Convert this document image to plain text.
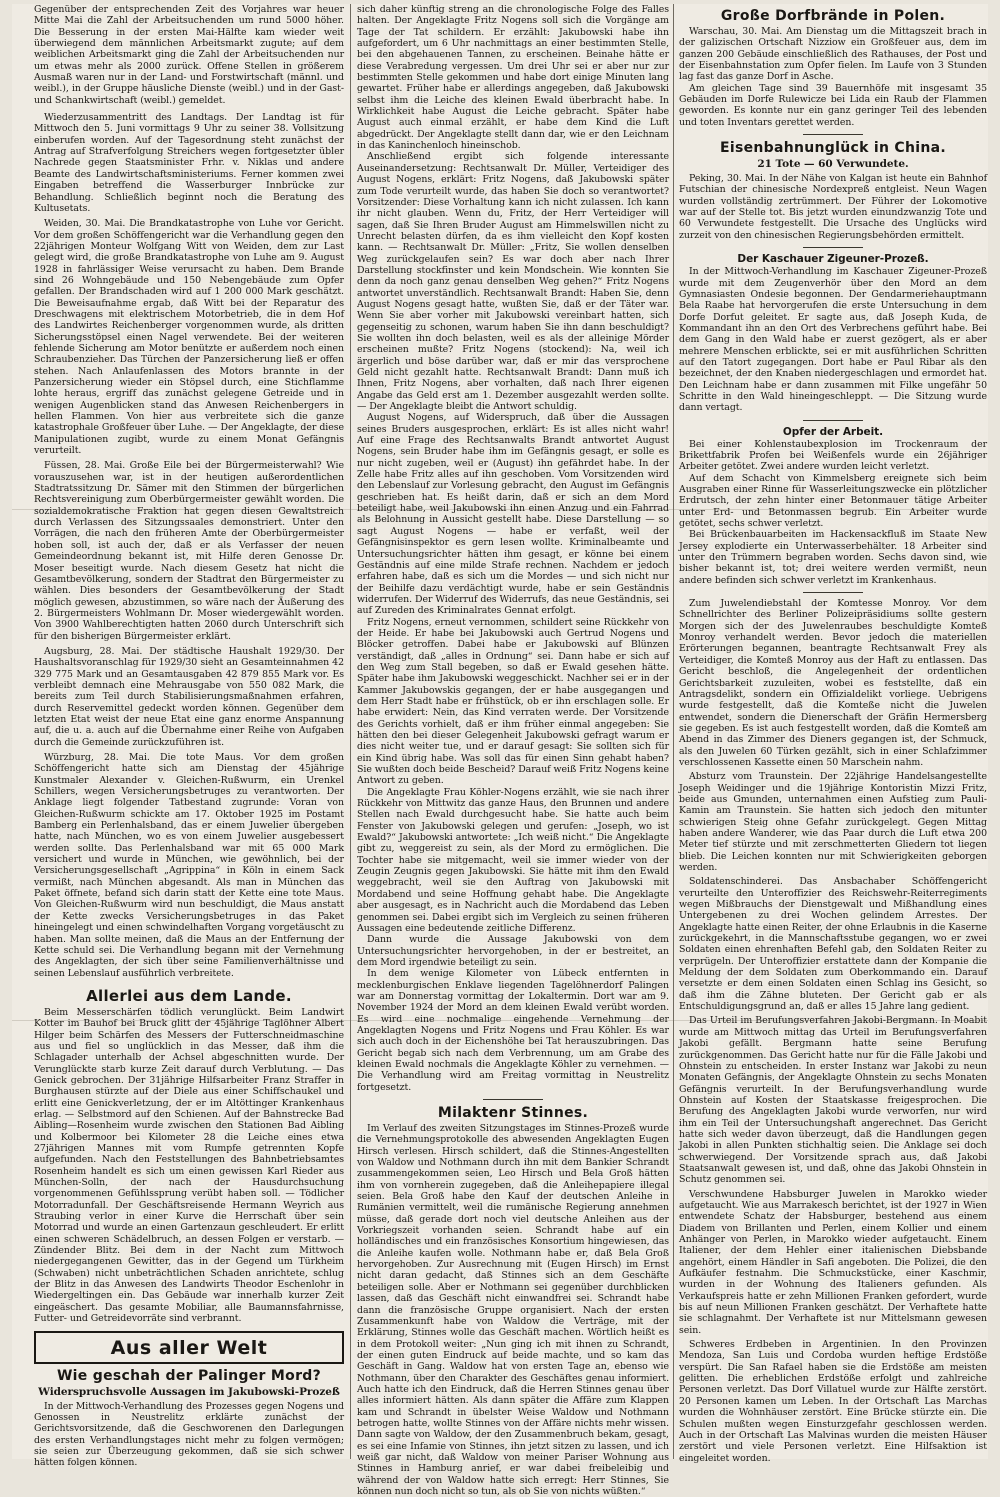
Gegenüber der entsprechenden Zeit des Vorjahres war heuer Mitte Mai die Zahl der Arbeitsuchenden um rund 5000 höher. Die Besserung in der ersten Mai-Hälfte kam wieder weit überwiegend dem männlichen Arbeitsmarkt zugute; auf dem weiblichen Arbeitsmarkt ging die Zahl der Arbeitsuchenden nur um etwas mehr als 2000 zurück. Offene Stellen in größerem Ausmaß waren nur in der Land- und Forstwirtschaft (männl. und weibl.), in der Gruppe häusliche Dienste (weibl.) und in der Gast- und Schankwirtschaft (weibl.) gemeldet.

Wiederzusammentritt des Landtags. Der Landtag ist für Mittwoch den 5. Juni vormittags 9 Uhr zu seiner 38. Vollsitzung einberufen worden. Auf der Tagesordnung steht zunächst der Antrag auf Strafverfolgung Streichers wegen fortgesetzter übler Nachrede gegen Staatsminister Frhr. v. Niklas und andere Beamte des Landwirtschaftsministeriums. Ferner kommen zwei Eingaben betreffend die Wasserburger Innbrücke zur Behandlung. Schließlich beginnt noch die Beratung des Kultusetats.

Weiden, 30. Mai. Die Brandkatastrophe von Luhe vor Gericht. Vor dem großen Schöffengericht war die Verhandlung gegen den 22jährigen Monteur Wolfgang Witt von Weiden, dem zur Last gelegt wird, die große Brandkatastrophe von Luhe am 9. August 1928 in fahrlässiger Weise verursacht zu haben. Dem Brande sind 26 Wohngebäude und 150 Nebengebäude zum Opfer gefallen. Der Brandschaden wird auf 1 200 000 Mark geschätzt. Die Beweisaufnahme ergab, daß Witt bei der Reparatur des Dreschwagens mit elektrischem Motorbetrieb, die in dem Hof des Landwirtes Reichenberger vorgenommen wurde, als dritten Sicherungsstöpsel einen Nagel verwendete. Bei der weiteren fehlende Sicherung am Motor benützte er außerdem noch einen Schraubenzieher. Das Türchen der Panzersicherung ließ er offen stehen. Nach Anlaufenlassen des Motors brannte in der Panzersicherung wieder ein Stöpsel durch, eine Stichflamme lohte heraus, ergriff das zunächst gelegene Getreide und in wenigen Augenblicken stand das Anwesen Reichenbergers in hellen Flammen. Von hier aus verbreitete sich die ganze katastrophale Großfeuer über Luhe. — Der Angeklagte, der diese Manipulationen zugibt, wurde zu einem Monat Gefängnis verurteilt.

Füssen, 28. Mai. Große Eile bei der Bürgermeisterwahl? Wie vorauszusehen war, ist in der heutigen außerordentlichen Stadtratssitzung Dr. Sämer mit den Stimmen der bürgerlichen Rechtsvereinigung zum Oberbürgermeister gewählt worden. Die sozialdemokratische Fraktion hat gegen diesen Gewaltstreich durch Verlassen des Sitzungssaales demonstriert. Unter den Vorrägen, die nach den früheren Amte der Oberbürgermeister hoben soll, ist auch der, daß er als Verfasser der neuen Gemeindeordnung bekannt ist, mit Hilfe deren Genosse Dr. Moser beseitigt wurde. Nach diesem Gesetz hat nicht die Gesamtbevölkerung, sondern der Stadtrat den Bürgermeister zu wählen. Dies besonders der Gesamtbevölkerung der Stadt möglich gewesen, abzustimmen, so wäre nach der Äußerung des 2. Bürgermeisters Wohlmann Dr. Moser wiedergewählt worden. Von 3900 Wahlberechtigten hatten 2060 durch Unterschrift sich für den bisherigen Bürgermeister erklärt.

Augsburg, 28. Mai. Der städtische Haushalt 1929/30. Der Haushaltsvoranschlag für 1929/30 sieht an Gesamteinnahmen 42 329 775 Mark und an Gesamtausgaben 42 879 855 Mark vor. Es verbleibt demnach eine Mehrausgabe von 550 082 Mark, die bereits zum Teil durch Stabilisierungsmaßnahmen erfahren, durch Reservemittel gedeckt worden können. Gegenüber dem letzten Etat weist der neue Etat eine ganz enorme Anspannung auf, die u. a. auch auf die Übernahme einer Reihe von Aufgaben durch die Gemeinde zurückzuführen ist.

Würzburg, 28. Mai. Die tote Maus. Vor dem großen Schöffengericht hatte sich am Dienstag der 45jährige Kunstmaler Alexander v. Gleichen-Rußwurm, ein Urenkel Schillers, wegen Versicherungsbetruges zu verantworten. Der Anklage liegt folgender Tatbestand zugrunde: Voran von Gleichen-Rußwurm schickte am 17. Oktober 1925 im Postamt Bamberg ein Perlenhalsband, das er einem Juwelier übergeben hatte, nach München, wo es von einem Juwelier ausgebessert werden sollte. Das Perlenhalsband war mit 65 000 Mark versichert und wurde in München, wie gewöhnlich, bei der Versicherungsgesellschaft „Agrippina“ in Köln in einem Sack vermißt, nach München abgesandt. Als man in München das Paket öffnete, befand sich darin statt der Kette eine tote Maus. Von Gleichen-Rußwurm wird nun beschuldigt, die Maus anstatt der Kette zwecks Versicherungsbetruges in das Paket hineingelegt und einen schwindelhaften Vorgang vorgetäuscht zu haben. Man sollte meinen, daß die Maus an der Entfernung der Kette schuld sei. Die Verhandlung begann mit der Vernehmung des Angeklagten, der sich über seine Familienverhältnisse und seinen Lebenslauf ausführlich verbreitete.

Allerlei aus dem Lande.

Beim Messerschärfen tödlich verunglückt. Beim Landwirt Kotter im Bauhof bei Bruck glitt der 45jährige Taglöhner Albert Hilger beim Schärfen des Messers der Futterschneidmaschine aus und fiel so unglücklich in das Messer, daß ihm die Schlagader unterhalb der Achsel abgeschnitten wurde. Der Verunglückte starb kurze Zeit darauf durch Verblutung. — Das Genick gebrochen. Der 31jährige Hilfsarbeiter Franz Straffer in Burghausen stürzte auf der Diele aus einer Schiffschaukel und erlitt eine Genickverletzung, der er im Altöttinger Krankenhaus erlag. — Selbstmord auf den Schienen. Auf der Bahnstrecke Bad Aibling—Rosenheim wurde zwischen den Stationen Bad Aibling und Kolbermoor bei Kilometer 28 die Leiche eines etwa 27jährigen Mannes mit vom Rumpfe getrennten Kopfe aufgefunden. Nach den Feststellungen des Bahnbetriebsamtes Rosenheim handelt es sich um einen gewissen Karl Rieder aus München-Solln, der nach der Hausdurchsuchung vorgenommenen Gefühlssprung verübt haben soll. — Tödlicher Motorradunfall. Der Geschäftsreisende Hermann Weyrich aus Straubing verlor in einer Kurve die Herrschaft über sein Motorrad und wurde an einen Gartenzaun geschleudert. Er erlitt einen schweren Schädelbruch, an dessen Folgen er verstarb. — Zündender Blitz. Bei dem in der Nacht zum Mittwoch niedergegangenen Gewitter, das in der Gegend um Türkheim (Schwaben) nicht unbeträchtlichen Schaden anrichtete, schlug der Blitz in das Anwesen des Landwirts Theodor Eschenlohr in Wiedergeltingen ein. Das Gebäude war innerhalb kurzer Zeit eingeäschert. Das gesamte Mobiliar, alle Baumannsfahrnisse, Futter- und Getreidevorräte sind verbrannt.

Aus aller Welt
Wie geschah der Palinger Mord?
Widerspruchsvolle Aussagen im Jakubowski-Prozeß

In der Mittwoch-Verhandlung des Prozesses gegen Nogens und Genossen in Neustrelitz erklärte zunächst der Gerichtsvorsitzende, daß die Geschworenen den Darlegungen des ersten Verhandlungstages nicht mehr zu folgen vermögen; sie seien zur Überzeugung gekommen, daß sie sich schwer hätten folgen können.

sich daher künftig streng an die chronologische Folge des Falles halten. Der Angeklagte Fritz Nogens soll sich die Vorgänge am Tage der Tat schildern. Er erzählt: Jakubowski habe ihn aufgefordert, um 6 Uhr nachmittags an einer bestimmten Stelle, bei den abgehauenen Tannen, zu erscheinen. Beinahe hätte er diese Verabredung vergessen. Um drei Uhr sei er aber nur zur bestimmten Stelle gekommen und habe dort einige Minuten lang gewartet. Früher habe er allerdings angegeben, daß Jakubowski selbst ihm die Leiche des kleinen Ewald überbracht habe. In Wirklichkeit habe August die Leiche gebracht. Später habe August auch einmal erzählt, er habe dem Kind die Luft abgedrückt. Der Angeklagte stellt dann dar, wie er den Leichnam in das Kaninchenloch hineinschob.

Anschließend ergibt sich folgende interessante Auseinandersetzung: Rechtsanwalt Dr. Müller, Verteidiger des August Nogens, erklärt: Fritz Nogens, daß Jakubowski später zum Tode verurteilt wurde, das haben Sie doch so verantwortet? Vorsitzender: Diese Vorhaltung kann ich nicht zulassen. Ich kann ihr nicht glauben. Wenn du, Fritz, der Herr Verteidiger will sagen, daß Sie Ihren Bruder August am Himmelswillen nicht zu Unrecht belasten dürfen, da es ihm vielleicht den Kopf kosten kann. — Rechtsanwalt Dr. Müller: „Fritz, Sie wollen denselben Weg zurückgelaufen sein? Es war doch aber nach Ihrer Darstellung stockfinster und kein Mondschein. Wie konnten Sie denn da noch ganz genau denselben Weg gehen?“ Fritz Nogens antwortet unverständlich. Rechtsanwalt Brandt: Haben Sie, denn August Nogens gesagt hatte, wußten Sie, daß er der Täter war. Wenn Sie aber vorher mit Jakubowski vereinbart hatten, sich gegenseitig zu schonen, warum haben Sie ihn dann beschuldigt? Sie wollten ihn doch belasten, weil es als der alleinige Mörder erscheinen mußte? Fritz Nogens (stockend): Na, weil ich ärgerlich und böse darüber war, daß er mir das versprochene Geld nicht gezahlt hatte. Rechtsanwalt Brandt: Dann muß ich Ihnen, Fritz Nogens, aber vorhalten, daß nach Ihrer eigenen Angabe das Geld erst am 1. Dezember ausgezahlt werden sollte. — Der Angeklagte bleibt die Antwort schuldig.

August Nogens, auf Widerspruch, daß über die Aussagen seines Bruders ausgesprochen, erklärt: Es ist alles nicht wahr! Auf eine Frage des Rechtsanwalts Brandt antwortet August Nogens, sein Bruder habe ihm im Gefängnis gesagt, er solle es nur nicht zugeben, weil er (August) ihn gefährdet habe. In der Zelle habe Fritz alles auf ihn geschoben. Vom Vorsitzenden wird den Lebenslauf zur Vorlesung gebracht, den August im Gefängnis geschrieben hat. Es heißt darin, daß er sich an dem Mord beteiligt habe, weil Jakubowski ihn einen Anzug und ein Fahrrad als Belohnung in Aussicht gestellt habe. Diese Darstellung — so sagt August Nogens — habe er verfaßt, weil der Gefängnisinspektor es gern lesen wollte. Kriminalbeamte und Untersuchungsrichter hätten ihm gesagt, er könne bei einem Geständnis auf eine milde Strafe rechnen. Nachdem er jedoch erfahren habe, daß es sich um die Mordes — und sich nicht nur der Beihilfe dazu verdächtigt wurde, habe er sein Geständnis widerrufen. Der Widerruf des Widerrufs, das neue Geständnis, sei auf Zureden des Kriminalrates Gennat erfolgt.

Fritz Nogens, erneut vernommen, schildert seine Rückkehr von der Heide. Er habe bei Jakubowski auch Gertrud Nogens und Blöcker getroffen. Dabei habe er Jakubowski auf Blünzen verständigt, daß „alles in Ordnung“ sei. Dann habe er sich auf den Weg zum Stall begeben, so daß er Ewald gesehen hätte. Später habe ihm Jakubowski weggeschickt. Nachher sei er in der Kammer Jakubowskis gegangen, der er habe ausgegangen und dem Herr Stadt habe er frühstück, ob er ihn erschlagen solle. Er habe erwidert: Nein, das Kind verraten werde. Der Vorsitzende des Gerichts vorhielt, daß er ihm früher einmal angegeben: Sie hätten den bei dieser Gelegenheit Jakubowski gefragt warum er dies nicht weiter tue, und er darauf gesagt: Sie sollten sich für ein Kind übrig habe. Was soll das für einen Sinn gehabt haben? Sie wußten doch beide Bescheid? Darauf weiß Fritz Nogens keine Antwort zu geben.

Die Angeklagte Frau Köhler-Nogens erzählt, wie sie nach ihrer Rückkehr von Mittwitz das ganze Haus, den Brunnen und andere Stellen nach Ewald durchgesucht habe. Sie hatte auch beim Fenster von Jakubowski gelegen und gerufen: „Joseph, wo ist Ewald?“ Jakubowski antwortete: „Ich weiß nicht.“ Die Angeklagte gibt zu, weggereist zu sein, als der Mord zu ermöglichen. Die Tochter habe sie mitgemacht, weil sie immer wieder von der Zeugin Zeugnis gegen Jakubowski. Sie hätte mit ihm den Ewald weggebracht, weil sie den Auftrag von Jakubowski mit Mordabend und seine Hoffnung gehabt habe. Die Angeklagte aber ausgesagt, es in Nachricht auch die Mordabend das Leben genommen sei. Dabei ergibt sich im Vergleich zu seinen früheren Aussagen eine bedeutende zeitliche Differenz.

Dann wurde die Aussage Jakubowski von dem Untersuchungsrichter hervorgehoben, in der er bestreitet, an dem Mord irgendwie beteiligt zu sein.

In dem wenige Kilometer von Lübeck entfernten in mecklenburgischen Enklave liegenden Tagelöhnerdorf Palingen war am Donnerstag vormittag der Lokaltermin. Dort war am 9. November 1924 der Mord an dem kleinen Ewald verübt worden. Es wird eine nochmalige eingehende Vernehmung der Angeklagten Nogens und Fritz Nogens und Frau Köhler. Es war sich auch doch in der Eichenshöhe bei Tat herauszubringen. Das Gericht begab sich nach dem Verbrennung, um am Grabe des kleinen Ewald nochmals die Angeklagte Köhler zu vernehmen. — Die Verhandlung wird am Freitag vormittag in Neustrelitz fortgesetzt.

Milaktenr Stinnes.

Im Verlauf des zweiten Sitzungstages im Stinnes-Prozeß wurde die Vernehmungsprotokolle des abwesenden Angeklagten Eugen Hirsch verlesen. Hirsch schildert, daß die Stinnes-Angestellten von Waldow und Nothmann durch ihn mit dem Bankier Schrandt zusammengekommen seien, Leo Hirsch und Bela Groß hätten ihm von vornherein zugegeben, daß die Anleihepapiere illegal seien. Bela Groß habe den Kauf der deutschen Anleihe in Rumänien vermittelt, weil die rumänische Regierung annehmen müsse, daß gerade dort noch viel deutsche Anleihen aus der Vorkriegszeit vorhanden seien. Schrandt habe auf ein holländisches und ein französisches Konsortium hingewiesen, das die Anleihe kaufen wolle. Nothmann habe er, daß Bela Groß hervorgehoben. Zur Ausrechnung mit (Eugen Hirsch) im Ernst nicht daran gedacht, daß Stinnes sich an dem Geschäfte beteiligen solle. Aber er Nothmann sei gegenüber durchblicken lassen, daß das Geschäft nicht einwandfrei sei. Schrandt habe dann die französische Gruppe organisiert. Nach der ersten Zusammenkunft habe von Waldow die Verträge, mit der Erklärung, Stinnes wolle das Geschäft machen. Wörtlich heißt es in dem Protokoll weiter: „Nun ging ich mit ihnen zu Schrandt, der einen guten Eindruck auf beide machte, und so kam das Geschäft in Gang. Waldow hat von ersten Tage an, ebenso wie Nothmann, über den Charakter des Geschäftes genau informiert. Auch hatte ich den Eindruck, daß die Herren Stinnes genau über alles informiert hätten. Als dann später die Affäre zum Klappen kam und Schrandt in übelster Weise Waldow und Nothmann betrogen hatte, wollte Stinnes von der Affäre nichts mehr wissen. Dann sagte von Waldow, der den Zusammenbruch bekam, gesagt, es sei eine Infamie von Stinnes, ihn jetzt sitzen zu lassen, und ich weiß gar nicht, daß Waldow von meiner Pariser Wohnung aus Stinnes in Hamburg anrief, er war dabei freibeleibig und während der von Waldow hatte sich erregt: Herr Stinnes, Sie können nun doch nicht so tun, als ob Sie von nichts wüßten.“

Große Dorfbrände in Polen.

Warschau, 30. Mai. Am Dienstag um die Mittagszeit brach in der galizischen Ortschaft Nizziow ein Großfeuer aus, dem im ganzen 200 Gebäude einschließlich des Rathauses, der Post und der Eisenbahnstation zum Opfer fielen. Im Laufe von 3 Stunden lag fast das ganze Dorf in Asche.

Am gleichen Tage sind 39 Bauernhöfe mit insgesamt 35 Gebäuden im Dorfe Rulewicze bei Lida ein Raub der Flammen geworden. Es konnte nur ein ganz geringer Teil des lebenden und toten Inventars gerettet werden.

Eisenbahnunglück in China.
21 Tote — 60 Verwundete.

Peking, 30. Mai. In der Nähe von Kalgan ist heute ein Bahnhof Futschian der chinesische Nordexpreß entgleist. Neun Wagen wurden vollständig zertrümmert. Der Führer der Lokomotive war auf der Stelle tot. Bis jetzt wurden einundzwanzig Tote und 60 Verwundete festgestellt. Die Ursache des Unglücks wird zurzeit von den chinesischen Regierungsbehörden ermittelt.

Der Kaschauer Zigeuner-Prozeß.

In der Mittwoch-Verhandlung im Kaschauer Zigeuner-Prozeß wurde mit dem Zeugenverhör über den Mord an dem Gymnasiasten Ondesie begonnen. Der Gendarmeriehauptmann Bela Raabe hat hervorgerufen die erste Untersuchung in dem Dorfe Dorfut geleitet. Er sagte aus, daß Joseph Kuda, de Kommandant ihn an den Ort des Verbrechens geführt habe. Bei dem Gang in den Wald habe er zuerst gezögert, als er aber mehrere Menschen erblickte, sei er mit ausführlichen Schritten auf den Tatort zugegangen. Dort habe er Paul Ribar als den bezeichnet, der den Knaben niedergeschlagen und ermordet hat. Den Leichnam habe er dann zusammen mit Filke ungefähr 50 Schritte in den Wald hineingeschleppt. — Die Sitzung wurde dann vertagt.

Opfer der Arbeit.

Bei einer Kohlenstaubexplosion im Trockenraum der Brikettfabrik Profen bei Weißenfels wurde ein 26jähriger Arbeiter getötet. Zwei andere wurden leicht verletzt.

Auf dem Schacht von Kimmelsberg ereignete sich beim Ausgraben einer Rinne für Wasserleitungszwecke ein plötzlicher Erdrutsch, der zehn hinter einer Betonmauer tätige Arbeiter unter Erd- und Betonmassen begrub. Ein Arbeiter wurde getötet, sechs schwer verletzt.

Bei Brückenbauarbeiten im Hackensackfluß im Staate New Jersey explodierte ein Unterwasserbehälter. 18 Arbeiter sind unter den Trümmern begraben worden. Sechs davon sind, wie bisher bekannt ist, tot; drei weitere werden vermißt, neun andere befinden sich schwer verletzt im Krankenhaus.

Zum Juwelendiebstahl der Komtesse Monroy. Vor dem Schnellrichter des Berliner Polizeipräsidiums sollte gestern Morgen sich der des Juwelenraubes beschuldigte Komteß Monroy verhandelt werden. Bevor jedoch die materiellen Erörterungen begannen, beantragte Rechtsanwalt Frey als Verteidiger, die Komteß Monroy aus der Haft zu entlassen. Das Gericht beschloß, die Angelegenheit der ordentlichen Gerichtsbarkeit zuzuleiten, wobei es feststellte, daß ein Antragsdelikt, sondern ein Offizialdelikt vorliege. Uebrigens wurde festgestellt, daß die Komteße nicht die Juwelen entwendet, sondern die Dienerschaft der Gräfin Hermersberg sie gegeben. Es ist auch festgestellt worden, daß die Komteß am Abend in das Zimmer des Dieners gegangen ist, der Schmuck, als den Juwelen 60 Türken gezählt, sich in einer Schlafzimmer verschlossenen Kassette einen 50 Marschein nahm.

Absturz vom Traunstein. Der 22jährige Handelsangestellte Joseph Weidinger und die 19jährige Kontoristin Mizzi Fritz, beide aus Gmunden, unternahmen einen Aufstieg zum Pauli-Kamin am Traunstein. Sie hatten sich jedoch den mitunter schwierigen Steig ohne Gefahr zurückgelegt. Gegen Mittag haben andere Wanderer, wie das Paar durch die Luft etwa 200 Meter tief stürzte und mit zerschmetterten Gliedern tot liegen blieb. Die Leichen konnten nur mit Schwierigkeiten geborgen werden.

Soldatenschinderei. Das Ansbachaber Schöffengericht verurteilte den Unteroffizier des Reichswehr-Reiterregiments wegen Mißbrauchs der Dienstgewalt und Mißhandlung eines Untergebenen zu drei Wochen gelindem Arrestes. Der Angeklagte hatte einen Reiter, der ohne Erlaubnis in die Kaserne zurückgekehrt, in die Mannschaftsstube gegangen, wo er zwei Soldaten einen ehrenhaften Befehl gab, den Soldaten Reiter zu verprügeln. Der Unteroffizier erstattete dann der Kompanie die Meldung der dem Soldaten zum Oberkommando ein. Darauf versetzte er dem einen Soldaten einen Schlag ins Gesicht, so daß ihm die Zähne bluteten. Der Gericht gab er als Entschuldigungsgrund an, daß er alles 15 Jahre lang gedient.

Das Urteil im Berufungsverfahren Jakobi-Bergmann. In Moabit wurde am Mittwoch mittag das Urteil im Berufungsverfahren Jakobi gefällt. Bergmann hatte seine Berufung zurückgenommen. Das Gericht hatte nur für die Fälle Jakobi und Ohnstein zu entscheiden. In erster Instanz war Jakobi zu neun Monaten Gefängnis, der Angeklagte Ohnstein zu sechs Monaten Gefängnis verurteilt. In der Berufungsverhandlung wurde Ohnstein auf Kosten der Staatskasse freigesprochen. Die Berufung des Angeklagten Jakobi wurde verworfen, nur wird ihm ein Teil der Untersuchungshaft angerechnet. Das Gericht hatte sich weder davon überzeugt, daß die Handlungen gegen Jakobi in allen Punkten stichhaltig seien. Die Anklage sei doch schwerwiegend. Der Vorsitzende sprach aus, daß Jakobi Staatsanwalt gewesen ist, und daß, ohne das Jakobi Ohnstein in Schutz genommen sei.

Verschwundene Habsburger Juwelen in Marokko wieder aufgetaucht. Wie aus Marrakesch berichtet, ist der 1927 in Wien entwendete Schatz der Habsburger, bestehend aus einem Diadem von Brillanten und Perlen, einem Kollier und einem Anhänger von Perlen, in Marokko wieder aufgetaucht. Einem Italiener, der dem Hehler einer italienischen Diebsbande angehört, einem Händler in Safi angeboten. Die Polizei, die den Aufkäufer festnahm. Die Schmuckstücke, einer Kaschmir, wurden in der Wohnung des Italieners gefunden. Als Verkaufspreis hatte er zehn Millionen Franken gefordert, wurde bis auf neun Millionen Franken geschätzt. Der Verhaftete hatte sie schlagnahmt. Der Verhaftete ist nur Mittelsmann gewesen sein.

Schweres Erdbeben in Argentinien. In den Provinzen Mendoza, San Luis und Cordoba wurden heftige Erdstöße verspürt. Die San Rafael haben sie die Erdstöße am meisten gelitten. Die erheblichen Erdstöße erfolgt und zahlreiche Personen verletzt. Das Dorf Villatuel wurde zur Hälfte zerstört. 20 Personen kamen um Leben. In der Ortschaft Las Marchas wurden die Wohnhäuser zerstört. Eine Brücke stürzte ein. Die Schulen mußten wegen Einsturzgefahr geschlossen werden. Auch in der Ortschaft Las Malvinas wurden die meisten Häuser zerstört und viele Personen verletzt. Eine Hilfsaktion ist eingeleitet worden.
